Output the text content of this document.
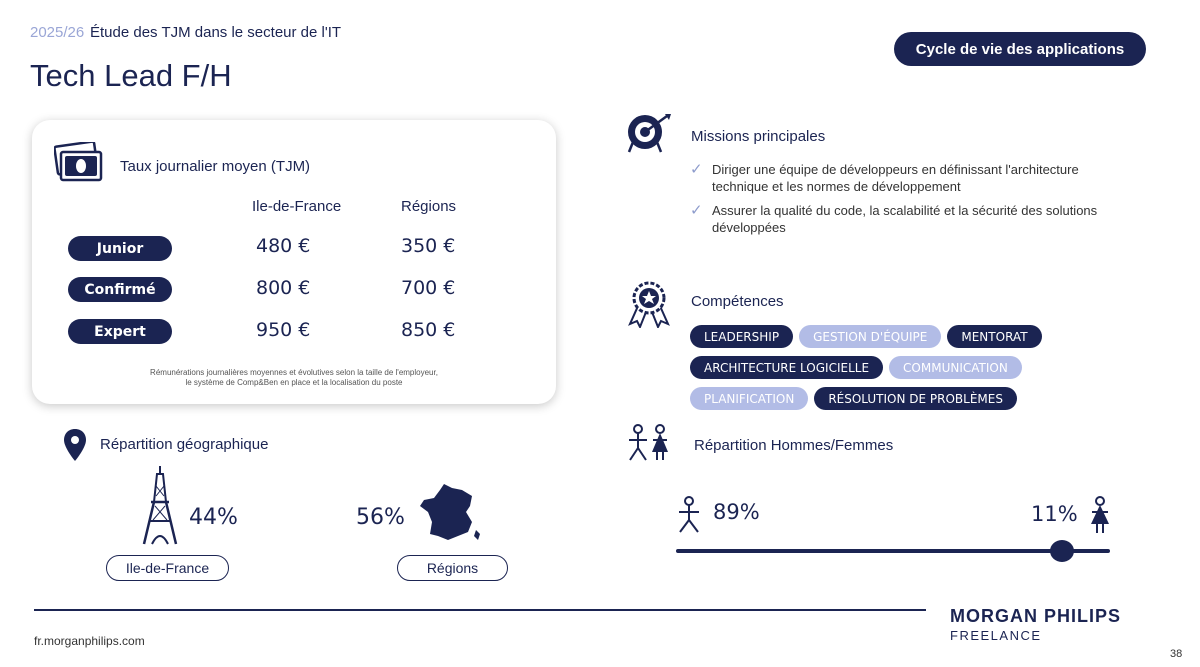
2025/26 Étude des TJM dans le secteur de l'IT
Tech Lead F/H
Cycle de vie des applications
Taux journalier moyen (TJM)
Ile-de-France	Régions
Junior	480 €	350 €
Confirmé	800 €	700 €
Expert	950 €	850 €
Rémunérations journalières moyennes et évolutives selon la taille de l'employeur,
le système de Comp&Ben en place et la localisation du poste
Missions principales
✓ Diriger une équipe de développeurs en définissant l'architecture technique et les normes de développement
✓ Assurer la qualité du code, la scalabilité et la sécurité des solutions développées
Compétences
LEADERSHIP	GESTION D'ÉQUIPE	MENTORAT
ARCHITECTURE LOGICIELLE	COMMUNICATION
PLANIFICATION	RÉSOLUTION DE PROBLÈMES
Répartition géographique
44%
Ile-de-France
56%
Régions
Répartition Hommes/Femmes
89%	11%
fr.morganphilips.com
MORGAN PHILIPS
FREELANCE
38
